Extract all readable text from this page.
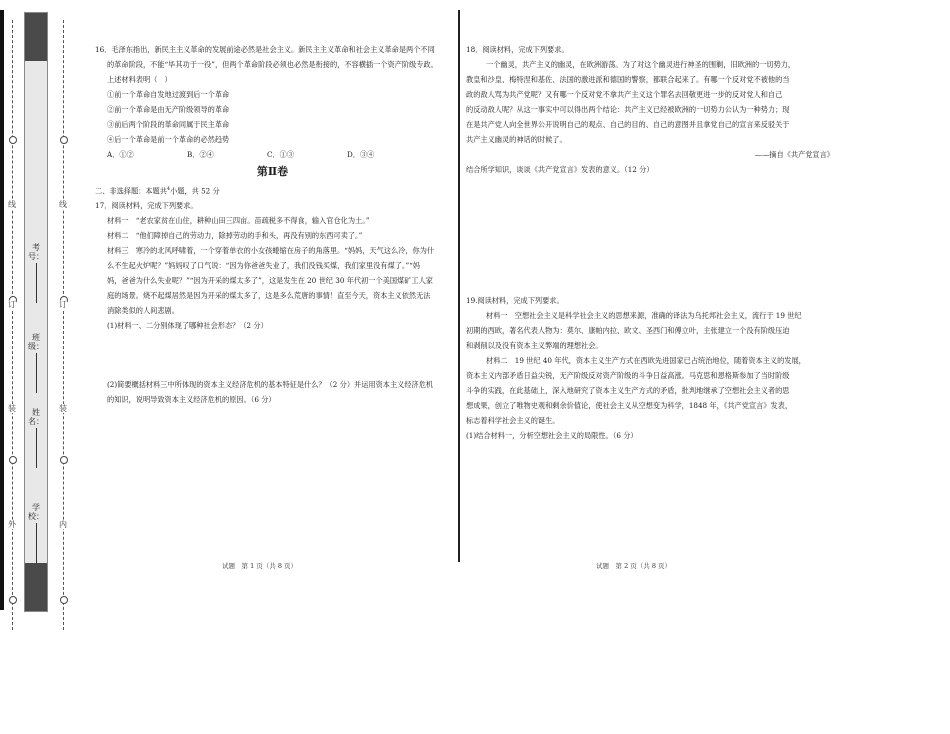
外
装
订
线
内
装
订
线
学校：
姓名：
班级：
考号：

16．毛泽东指出，新民主主义革命的发展前途必然是社会主义。新民主主义革命和社会主义革命是两个不同

的革命阶段，不能“毕其功于一役”，但两个革命阶段必须也必然是衔接的，不容横插一个资产阶级专政。

上述材料表明（　）

①前一个革命自发地过渡到后一个革命

②前一个革命是由无产阶级领导的革命

③前后两个阶段的革命同属于民主革命

④后一个革命是前一个革命的必然趋势

A．①②	B．②④	C．①③	D．③④

第Ⅱ卷

二、非选择题：本题共$^4$小题，共 52 分

17．阅读材料，完成下列要求。

材料一　“老农家贫在山住，耕种山田三四亩。苗疏税多不得食，输入官仓化为土。”

材料二　“他们障掉自己的劳动力，除掉劳动的手和头，再没有别的东西可卖了。”

材料三　寒冷的北风呼啸着，一个穿着单衣的小女孩蜷缩在房子的角落里。“妈妈，天气这么冷，你为什

么不生起火炉呢？”妈妈叹了口气说：“因为你爸爸失业了，我们没钱买煤，我们家里没有煤了。”“妈

妈，爸爸为什么失业呢？”“因为开采的煤太多了”，这是发生在 20 世纪 30 年代初一个美国煤矿工人家

庭的场景。烧不起煤居然是因为开采的煤太多了，这是多么荒唐的事情！直至今天，资本主义依然无法

消除类似的人间悲剧。

(1)材料一、二分别体现了哪种社会形态？（2 分）

(2)简要概括材料三中所体现的资本主义经济危机的基本特征是什么？（2 分）并运用资本主义经济危机

的知识，说明导致资本主义经济危机的原因。（6 分）

18．阅读材料，完成下列要求。

一个幽灵，共产主义的幽灵，在欧洲游荡。为了对这个幽灵进行神圣的围剿，旧欧洲的一切势力，

教皇和沙皇、梅特涅和基佐、法国的激进派和德国的警察，都联合起来了。有哪一个反对党不被他的当

政的敌人骂为共产党呢？又有哪一个反对党不拿共产主义这个罪名去回敬更进一步的反对党人和自己

的反动敌人呢？从这一事实中可以得出两个结论：共产主义已经被欧洲的一切势力公认为一种势力；现

在是共产党人向全世界公开说明自己的观点、自己的目的、自己的意图并且拿党自己的宣言来反驳关于

共产主义幽灵的神话的时候了。

——摘自《共产党宣言》

结合所学知识，谈谈《共产党宣言》发表的意义。（12 分）

19.阅读材料，完成下列要求。

材料一　空想社会主义是科学社会主义的思想来源，准确的译法为乌托邦社会主义，流行于 19 世纪

初期的西欧，著名代表人物为：莫尔、康帕内拉、欧文、圣西门和傅立叶，主张建立一个没有阶级压迫

和剥削以及没有资本主义弊端的理想社会。

材料二　19 世纪 40 年代，资本主义生产方式在西欧先进国家已占统治地位，随着资本主义的发展，

资本主义内部矛盾日益尖锐，无产阶级反对资产阶级的斗争日益高涨。马克思和恩格斯参加了当时阶级

斗争的实践，在此基础上，深入地研究了资本主义生产方式的矛盾，批判地继承了空想社会主义者的思

想成果，创立了唯物史观和剩余价值论，使社会主义从空想变为科学，1848 年，《共产党宣言》发表，

标志着科学社会主义的诞生。

(1)结合材料一，分析空想社会主义的局限性。（6 分）

试题　第 1 页（共 8 页）	试题　第 2 页（共 8 页）
